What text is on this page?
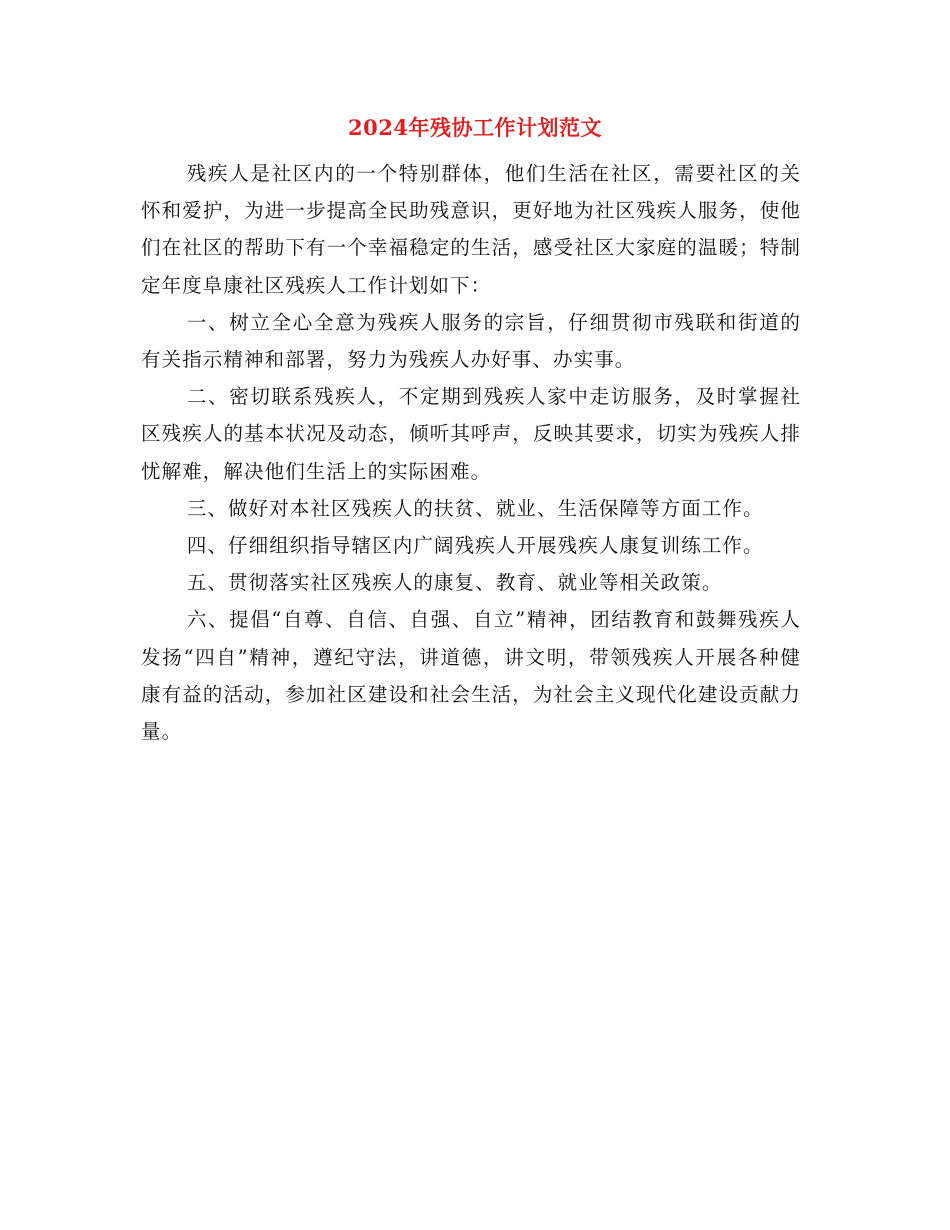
2024年残协工作计划范文

残疾人是社区内的一个特别群体，他们生活在社区，需要社区的关怀和爱护，为进一步提高全民助残意识，更好地为社区残疾人服务，使他们在社区的帮助下有一个幸福稳定的生活，感受社区大家庭的温暖；特制定年度阜康社区残疾人工作计划如下：

一、树立全心全意为残疾人服务的宗旨，仔细贯彻市残联和街道的有关指示精神和部署，努力为残疾人办好事、办实事。

二、密切联系残疾人，不定期到残疾人家中走访服务，及时掌握社区残疾人的基本状况及动态，倾听其呼声，反映其要求，切实为残疾人排忧解难，解决他们生活上的实际困难。

三、做好对本社区残疾人的扶贫、就业、生活保障等方面工作。

四、仔细组织指导辖区内广阔残疾人开展残疾人康复训练工作。

五、贯彻落实社区残疾人的康复、教育、就业等相关政策。

六、提倡“自尊、自信、自强、自立”精神，团结教育和鼓舞残疾人发扬“四自”精神，遵纪守法，讲道德，讲文明，带领残疾人开展各种健康有益的活动，参加社区建设和社会生活，为社会主义现代化建设贡献力量。
